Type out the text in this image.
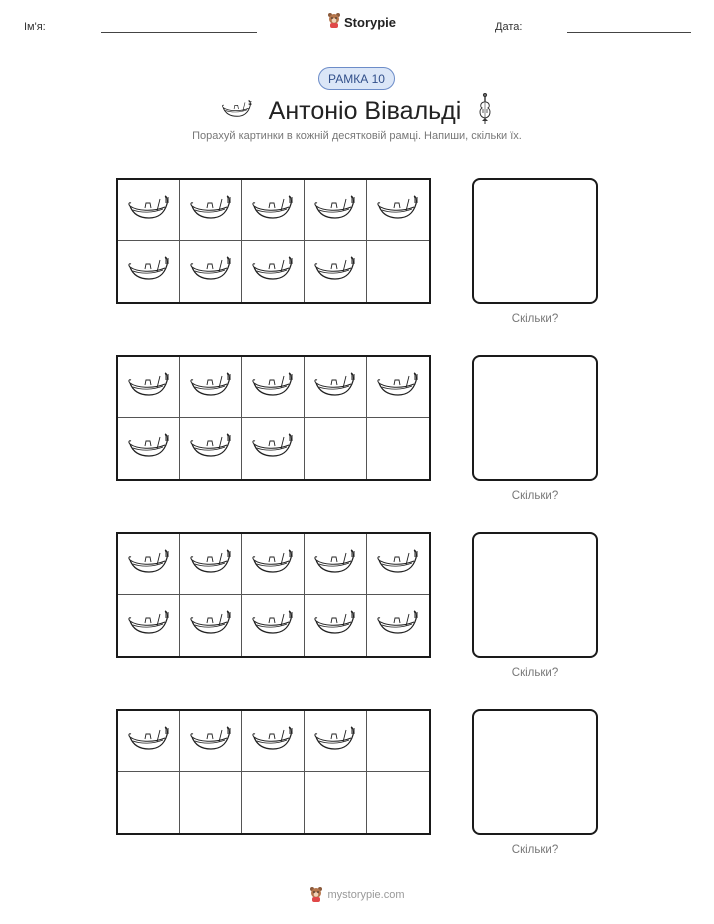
Ім'я:	Storypie	Дата:
РАМКА 10
Антоніо Вівальді
Порахуй картинки в кожній десятковій рамці. Напиши, скільки їх.
Скільки?
Скільки?
Скільки?
Скільки?
mystorypie.com
